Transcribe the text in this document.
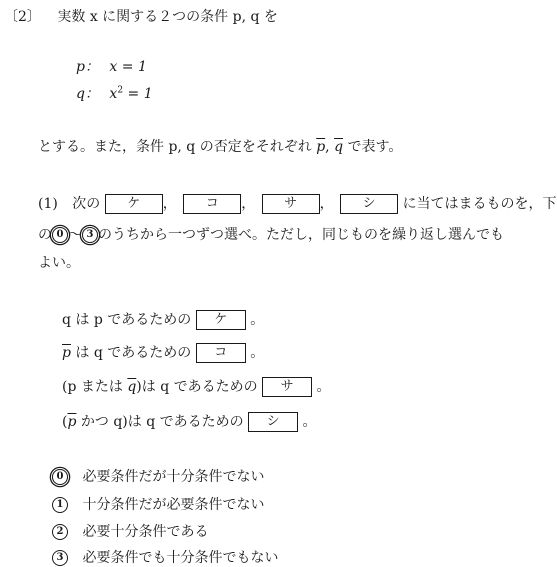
〔2〕 実数 x に関する２つの条件 p, q を
p： x = 1
q： $x^2 = 1$
とする。また，条件 p, q の否定をそれぞれ $\overline{p}$, $\overline{q}$ で表す。
(1) 次の ケ ， コ ， サ ， シ に当てはまるものを，下
の 0 ～ 3 のうちから一つずつ選べ。ただし，同じものを繰り返し選んでも
よい。
q は p であるための ケ 。
$\overline{p}$ は q であるための コ 。
(p または $\overline{q}$)は q であるための サ 。
($\overline{p}$ かつ q)は q であるための シ 。
0 必要条件だが十分条件でない
1 十分条件だが必要条件でない
2 必要十分条件である
3 必要条件でも十分条件でもない
